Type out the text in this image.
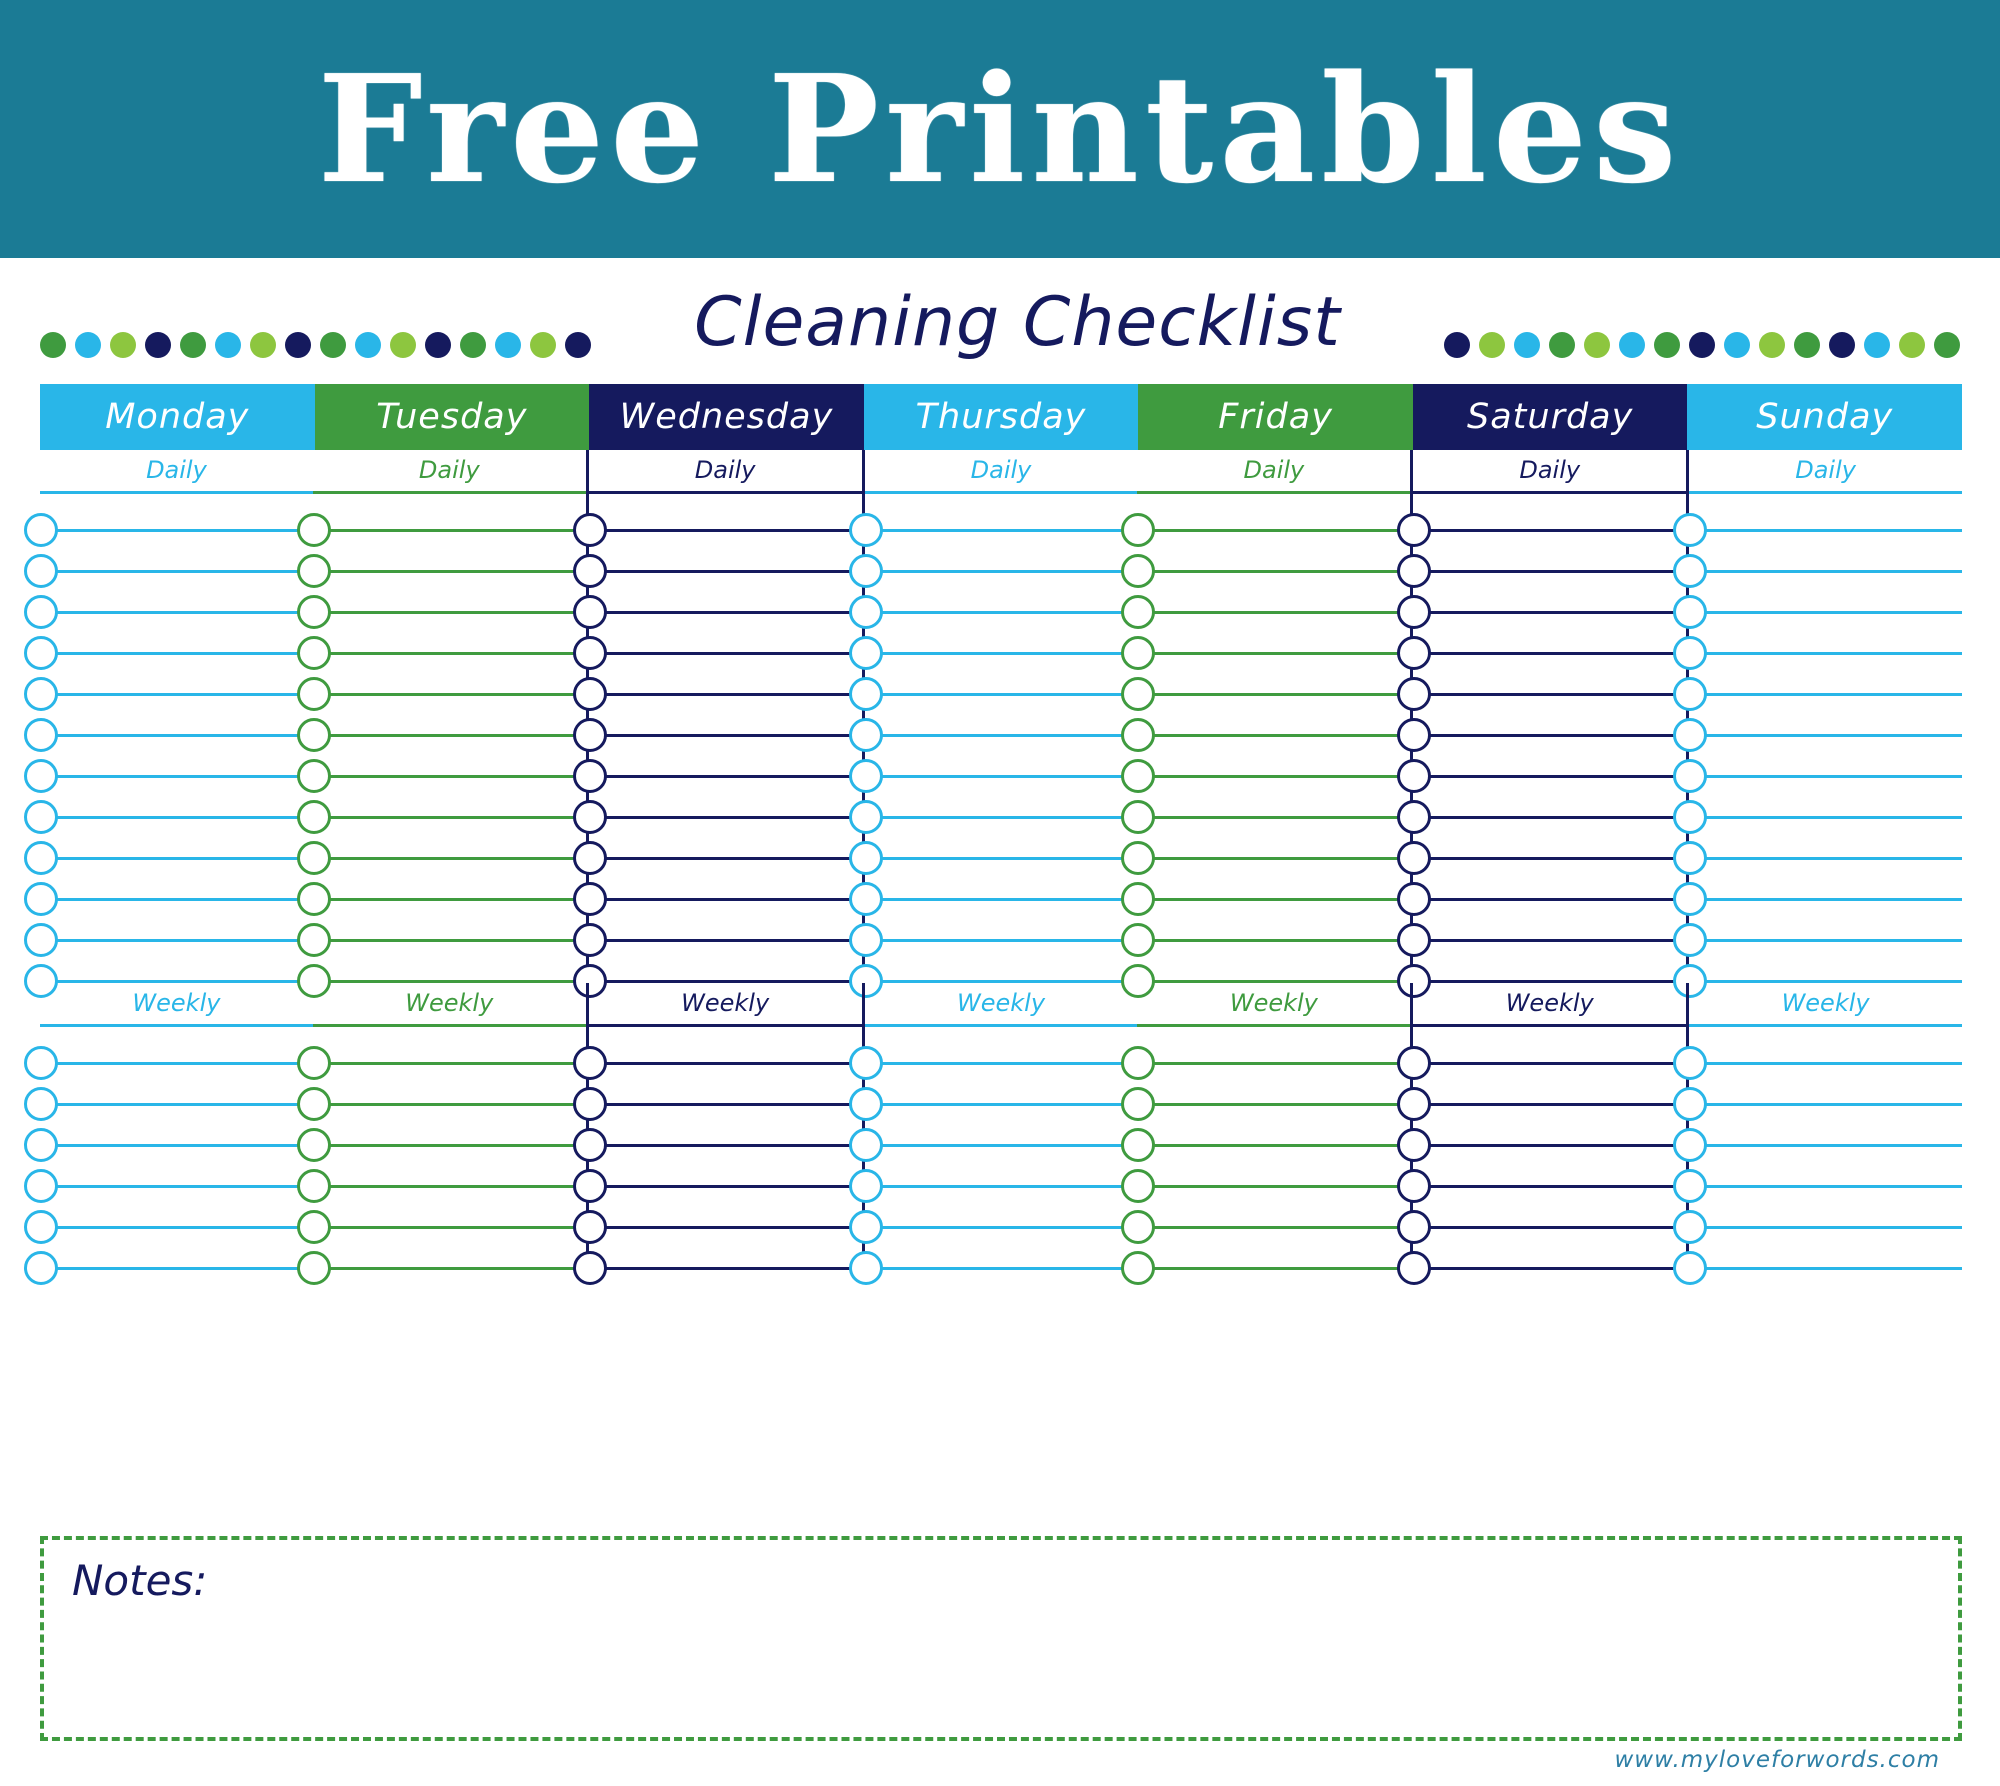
Free Printables
Cleaning Checklist
Monday	Tuesday	Wednesday	Thursday	Friday	Saturday	Sunday
Daily	Daily	Daily	Daily	Daily	Daily	Daily
Weekly	Weekly	Weekly	Weekly	Weekly	Weekly	Weekly
Notes:
www.myloveforwords.com
